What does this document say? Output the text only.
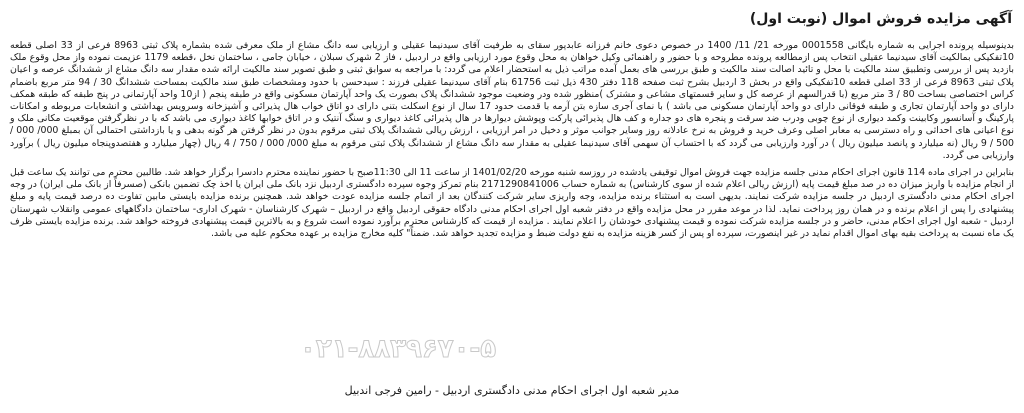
آگهی مزایده فروش اموال (نوبت اول)

بدینوسیله پرونده اجرایی به شماره بایگانی 0001558 مورخه 21/ 11/ 1400 در خصوص دعوی خانم فرزانه عابدپور سقای به طرفیت آقای سیدنیما عقیلی و ارزیابی سه دانگ مشاع از ملک معرفی شده بشماره پلاک ثبتی 8963 فرعی از 33 اصلی قطعه 10تفکیکی بمالکیت آقای سیدنیما عقیلی انتخاب پس ازمطالعه پرونده مطروحه و با حضور و راهنمائی وکیل خواهان به محل وقوع مورد ارزیابی واقع در اردبیل ، فاز 2 شهرک سبلان ، خیابان جامی ، ساختمان نخل ،قطعه 1179 عزیمت نموده واز محل وقوع ملک بازدید پس از بررسی وتطبیق سند مالکیت با محل و تائید اصالت سند مالکیت و طبق بررسی های بعمل آمده مراتب ذیل به استحضار اعلام می گردد: با مراجعه به سوابق ثبتی و طبق تصویر سند مالکیت ارائه شده مقدار سه دانگ مشاع از ششدانگ عرصه و اعیان پلاک ثبتی 8963 فرعی از 33 اصلی قطعه 10تفکیکی واقع در بخش 3 اردبیل بشرح ثبت صفحه 118 دفتر 430 ذیل ثبت 61756 بنام آقای سیدنیما عقیلی فرزند : سیدحسن با حدود ومشخصات طبق سند مالکیت بمساحت ششدانگ 30 / 94 متر مربع باضمام کراس اختصاصی بساحت 80 / 3 متر مربع (با قدرالسهم از عرصه کل و سایر قسمتهای مشاعی و مشترک )منظور شده ودر وضعیت موجود ششدانگ پلاک بصورت یک واحد آپارتمان مسکونی واقع در طبقه پنجم ( از10 واحد آپارتمانی در پنج طبقه که طبقه همکف دارای دو واحد آپارتمان تجاری و طبقه فوقانی دارای دو واحد آپارتمان مسکونی می باشد ) با نمای آجری سازه بتن آرمه با قدمت حدود 17 سال از نوع اسکلت بتنی دارای دو اتاق خواب هال پذیرائی و آشپزخانه وسرویس بهداشتی و انشعابات مربوطه و امکانات پارکینگ و آسانسور وکابینت وکمد دیواری از نوع چوبی ودرب ضد سرقت و پنجره های دو جداره و کف هال پذیرائی پارکت وپوشش دیوارها در هال پذیرائی کاغذ دیواری و سنگ آنتیک و در اتاق خوابها کاغذ دیواری می باشد که با در نظرگرفتن موقعیت مکانی ملک و نوع اعیانی های احداثی و راه دسترسی به معابر اصلی وعرف خرید و فروش به نرخ عادلانه روز وسایر جوانب موثر و دخیل در امر ارزیابی ، ارزش ریالی ششدانگ پلاک ثبتی مرقوم بدون در نظر گرفتن هر گونه بدهی و یا بازداشتی احتمالی آن بمبلغ 000/ 000 / 500 / 9 ریال (نه میلیارد و پانصد میلیون ریال ) در آورد وارزیابی می گردد که با احتساب آن سهمی آقای سیدنیما عقیلی به مقدار سه دانگ مشاع از ششدانگ پلاک ثبتی مرقوم به مبلغ 000/ 000 / 750 / 4 ریال (چهار میلیارد و هفتصدوپنجاه میلیون ریال ) برآورد وارزیابی می گردد.

بنابراین در اجرای ماده 114 قانون اجرای احکام مدنی جلسه مزایده جهت فروش اموال توقیفی یادشده در روزسه شنبه مورخه 1401/02/20 از ساعت 11 الی 11:30صبح با حضور نماینده محترم دادسرا برگزار خواهد شد. طالبین محترم می توانند یک ساعت قبل از انجام مزایده با واریز میزان ده در صد مبلغ قیمت پایه (ارزش ریالی اعلام شده از سوی کارشناس) به شماره حساب 2171290841006 بنام تمرکز وجوه سپرده دادگستری اردبیل نزد بانک ملی ایران یا اخذ چک تضمین بانکی (صسرفاً از بانک ملی ایران) در وجه اجرای احکام مدنی دادگستری اردبیل در جلسه مزایده شرکت نمایند. بدیهی است به استثناء برنده مزایده، وجه واریزی سایر شرکت کنندگان بعد از اتمام جلسه مزایده عودت خواهد شد. همچنین برنده مزایده بایستی مابین تفاوت ده درصد قیمت پایه و مبلغ پیشنهادی را پس از اعلام برنده و در همان روز پرداخت نماید. لذا در موعد مقرر در محل مزایده واقع در دفتر شعبه اول اجرای احکام مدنی دادگاه حقوقی اردبیل واقع در اردبیل – شهرک کارشناسان - شهرک اداری- ساختمان دادگاههای عمومی وانقلاب شهرستان اردبیل - شعبه اول اجرای احکام مدنی، حاضر و در جلسه مزایده شرکت نموده و قیمت پیشنهادی خودشان را اعلام نمایند . مزایده از قیمت که کارشناس محترم برآورد نموده است شروع و به بالاترین قیمت پیشنهادی فروخته خواهد شد. برنده مزایده بایستی ظرف یک ماه نسبت به پرداخت بقیه بهای اموال اقدام نماید در غیر اینصورت، سپرده او پس از کسر هزینه مزایده به نفع دولت ضبط و مزایده تجدید خواهد شد. ضمناً" کلیه مخارج مزایده بر عهده محکوم علیه می باشد.

۰۲۱-۸۸۳۹۶۷۰-۵
مدیر شعبه اول اجرای احکام مدنی دادگستری اردبیل - رامین فرجی اندبیل
